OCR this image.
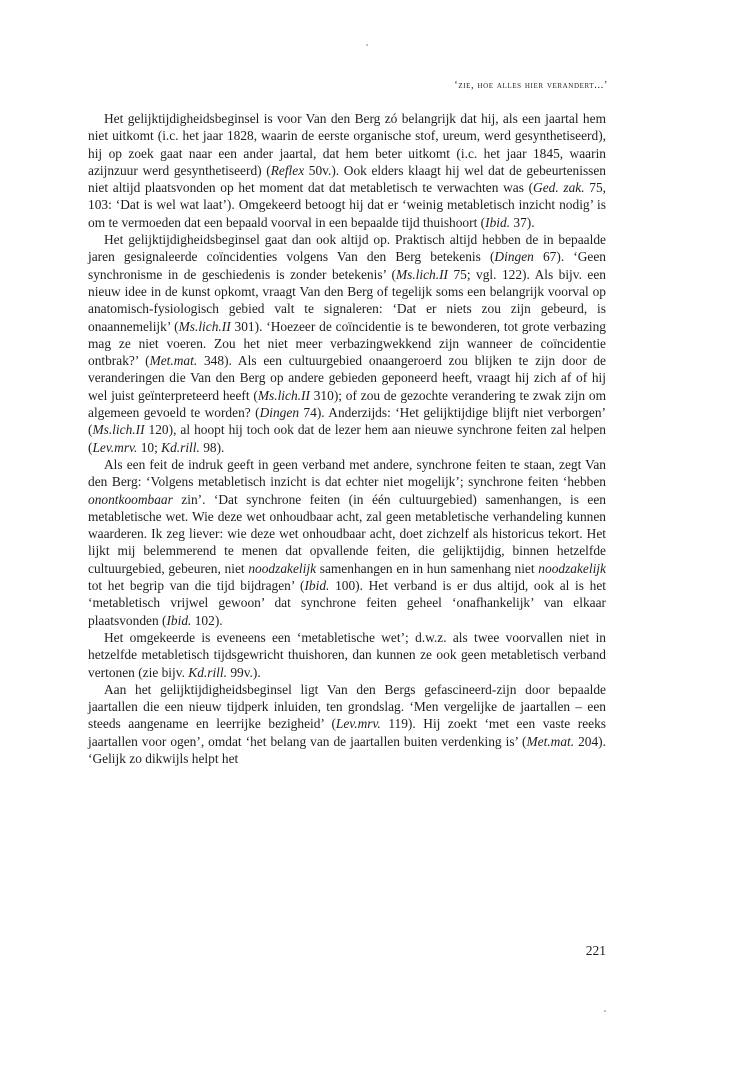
‘zie, hoe alles hier verandert...’

Het gelijktijdigheidsbeginsel is voor Van den Berg zó belangrijk dat hij, als een jaartal hem niet uitkomt (i.c. het jaar 1828, waarin de eerste organische stof, ureum, werd gesynthetiseerd), hij op zoek gaat naar een ander jaartal, dat hem beter uitkomt (i.c. het jaar 1845, waarin azijnzuur werd gesynthetiseerd) (Reflex 50v.). Ook elders klaagt hij wel dat de gebeurtenissen niet altijd plaatsvonden op het moment dat dat metabletisch te verwachten was (Ged. zak. 75, 103: ‘Dat is wel wat laat’). Omgekeerd betoogt hij dat er ‘weinig metabletisch inzicht nodig’ is om te vermoeden dat een bepaald voorval in een bepaalde tijd thuishoort (Ibid. 37).

Het gelijktijdigheidsbeginsel gaat dan ook altijd op. Praktisch altijd hebben de in bepaalde jaren gesignaleerde coïncidenties volgens Van den Berg betekenis (Dingen 67). ‘Geen synchronisme in de geschiedenis is zonder betekenis’ (Ms.lich.II 75; vgl. 122). Als bijv. een nieuw idee in de kunst opkomt, vraagt Van den Berg of tegelijk soms een belangrijk voorval op anatomisch-fysiologisch gebied valt te signaleren: ‘Dat er niets zou zijn gebeurd, is onaannemelijk’ (Ms.lich.II 301). ‘Hoezeer de coïncidentie is te bewonderen, tot grote verbazing mag ze niet voeren. Zou het niet meer verbazingwekkend zijn wanneer de coïncidentie ontbrak?’ (Met.mat. 348). Als een cultuurgebied onaangeroerd zou blijken te zijn door de veranderingen die Van den Berg op andere gebieden geponeerd heeft, vraagt hij zich af of hij wel juist geïnterpreteerd heeft (Ms.lich.II 310); of zou de gezochte verandering te zwak zijn om algemeen gevoeld te worden? (Dingen 74). Anderzijds: ‘Het gelijktijdige blijft niet verborgen’ (Ms.lich.II 120), al hoopt hij toch ook dat de lezer hem aan nieuwe synchrone feiten zal helpen (Lev.mrv. 10; Kd.rill. 98).

Als een feit de indruk geeft in geen verband met andere, synchrone feiten te staan, zegt Van den Berg: ‘Volgens metabletisch inzicht is dat echter niet mogelijk’; synchrone feiten ‘hebben onontkoombaar zin’. ‘Dat synchrone feiten (in één cultuurgebied) samenhangen, is een metabletische wet. Wie deze wet onhoudbaar acht, zal geen metabletische verhandeling kunnen waarderen. Ik zeg liever: wie deze wet onhoudbaar acht, doet zichzelf als historicus tekort. Het lijkt mij belemmerend te menen dat opvallende feiten, die gelijktijdig, binnen hetzelfde cultuurgebied, gebeuren, niet noodzakelijk samenhangen en in hun samenhang niet noodzakelijk tot het begrip van die tijd bijdragen’ (Ibid. 100). Het verband is er dus altijd, ook al is het ‘metabletisch vrijwel gewoon’ dat synchrone feiten geheel ‘onafhankelijk’ van elkaar plaatsvonden (Ibid. 102).

Het omgekeerde is eveneens een ‘metabletische wet’; d.w.z. als twee voorvallen niet in hetzelfde metabletisch tijdsgewricht thuishoren, dan kunnen ze ook geen metabletisch verband vertonen (zie bijv. Kd.rill. 99v.).

Aan het gelijktijdigheidsbeginsel ligt Van den Bergs gefascineerd-zijn door bepaalde jaartallen die een nieuw tijdperk inluiden, ten grondslag. ‘Men vergelijke de jaartallen – een steeds aangename en leerrijke bezigheid’ (Lev.mrv. 119). Hij zoekt ‘met een vaste reeks jaartallen voor ogen’, omdat ‘het belang van de jaartallen buiten verdenking is’ (Met.mat. 204). ‘Gelijk zo dikwijls helpt het

221
